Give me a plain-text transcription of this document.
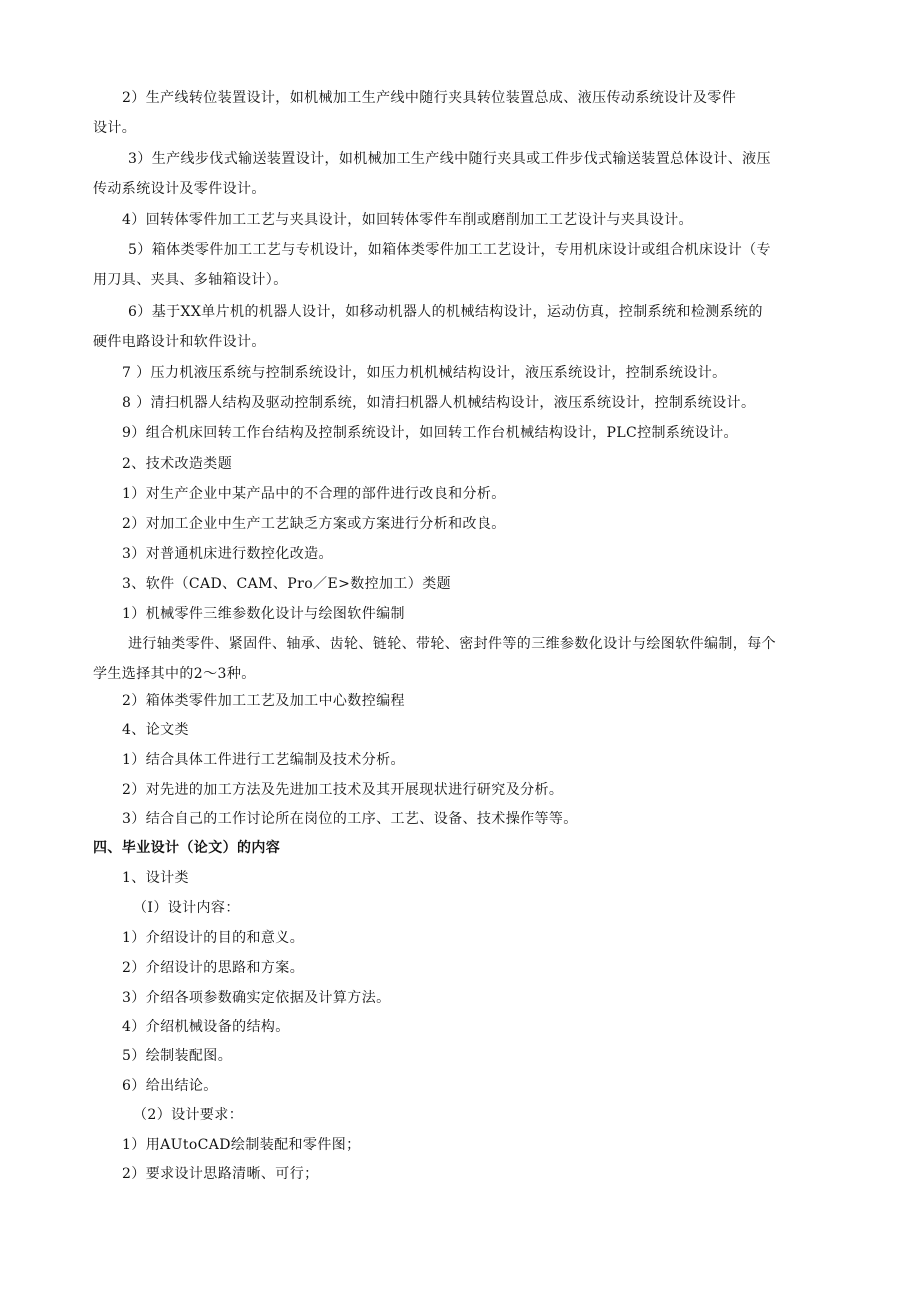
2）生产线转位装置设计，如机械加工生产线中随行夹具转位装置总成、液压传动系统设计及零件
设计。
3）生产线步伐式输送装置设计，如机械加工生产线中随行夹具或工件步伐式输送装置总体设计、液压
传动系统设计及零件设计。
4）回转体零件加工工艺与夹具设计，如回转体零件车削或磨削加工工艺设计与夹具设计。
5）箱体类零件加工工艺与专机设计，如箱体类零件加工工艺设计，专用机床设计或组合机床设计（专
用刀具、夹具、多轴箱设计）。
6）基于XX单片机的机器人设计，如移动机器人的机械结构设计，运动仿真，控制系统和检测系统的
硬件电路设计和软件设计。
7 ）压力机液压系统与控制系统设计，如压力机机械结构设计，液压系统设计，控制系统设计。
8 ）清扫机器人结构及驱动控制系统，如清扫机器人机械结构设计，液压系统设计，控制系统设计。
9）组合机床回转工作台结构及控制系统设计，如回转工作台机械结构设计，PLC控制系统设计。
2、技术改造类题
1）对生产企业中某产品中的不合理的部件进行改良和分析。
2）对加工企业中生产工艺缺乏方案或方案进行分析和改良。
3）对普通机床进行数控化改造。
3、软件（CAD、CAM、Pro／E>数控加工）类题
1）机械零件三维参数化设计与绘图软件编制
进行轴类零件、紧固件、轴承、齿轮、链轮、带轮、密封件等的三维参数化设计与绘图软件编制，每个
学生选择其中的2〜3种。
2）箱体类零件加工工艺及加工中心数控编程
4、论文类
1）结合具体工件进行工艺编制及技术分析。
2）对先进的加工方法及先进加工技术及其开展现状进行研究及分析。
3）结合自己的工作讨论所在岗位的工序、工艺、设备、技术操作等等。
四、毕业设计（论文）的内容
1、设计类
（I）设计内容：
1）介绍设计的目的和意义。
2）介绍设计的思路和方案。
3）介绍各项参数确实定依据及计算方法。
4）介绍机械设备的结构。
5）绘制装配图。
6）给出结论。
（2）设计要求：
1）用AUtoCAD绘制装配和零件图；
2）要求设计思路清晰、可行；
